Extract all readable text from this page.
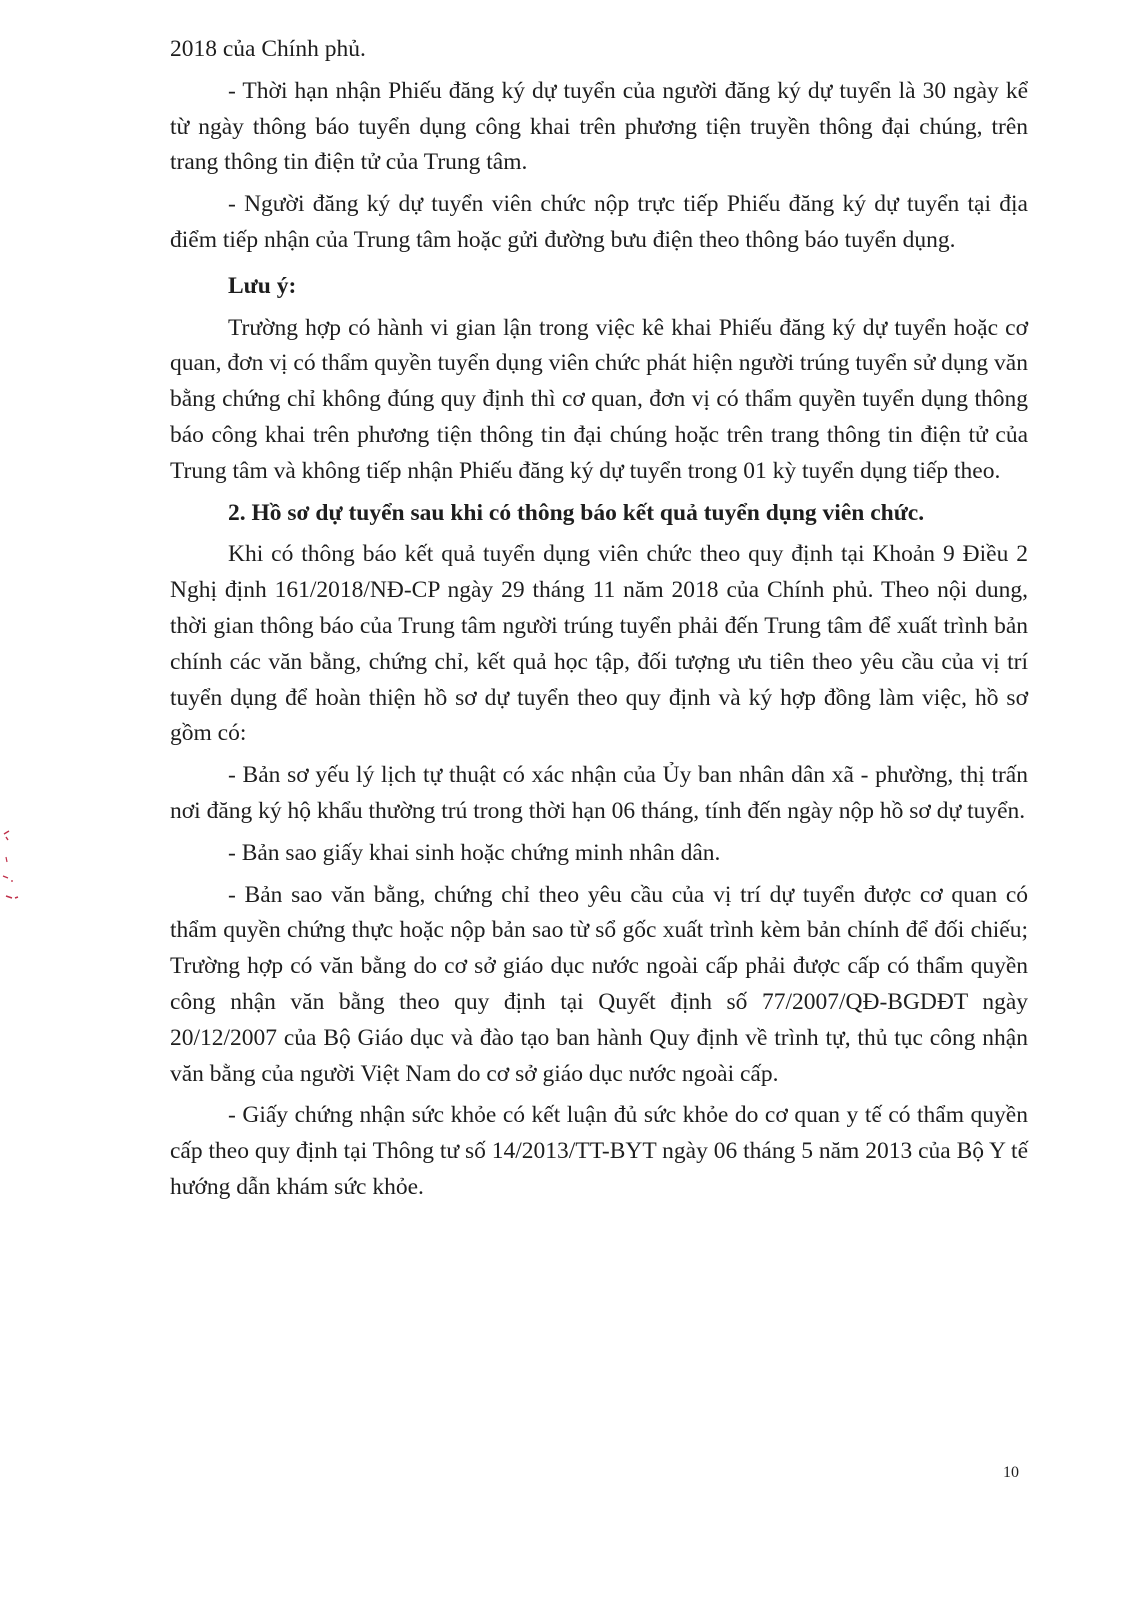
2018 của Chính phủ.

- Thời hạn nhận Phiếu đăng ký dự tuyển của người đăng ký dự tuyển là 30 ngày kể từ ngày thông báo tuyển dụng công khai trên phương tiện truyền thông đại chúng, trên trang thông tin điện tử của Trung tâm.

- Người đăng ký dự tuyển viên chức nộp trực tiếp Phiếu đăng ký dự tuyển tại địa điểm tiếp nhận của Trung tâm hoặc gửi đường bưu điện theo thông báo tuyển dụng.

Lưu ý:

Trường hợp có hành vi gian lận trong việc kê khai Phiếu đăng ký dự tuyển hoặc cơ quan, đơn vị có thẩm quyền tuyển dụng viên chức phát hiện người trúng tuyển sử dụng văn bằng chứng chỉ không đúng quy định thì cơ quan, đơn vị có thẩm quyền tuyển dụng thông báo công khai trên phương tiện thông tin đại chúng hoặc trên trang thông tin điện tử của Trung tâm và không tiếp nhận Phiếu đăng ký dự tuyển trong 01 kỳ tuyển dụng tiếp theo.

2. Hồ sơ dự tuyển sau khi có thông báo kết quả tuyển dụng viên chức.

Khi có thông báo kết quả tuyển dụng viên chức theo quy định tại Khoản 9 Điều 2 Nghị định 161/2018/NĐ-CP ngày 29 tháng 11 năm 2018 của Chính phủ. Theo nội dung, thời gian thông báo của Trung tâm người trúng tuyển phải đến Trung tâm để xuất trình bản chính các văn bằng, chứng chỉ, kết quả học tập, đối tượng ưu tiên theo yêu cầu của vị trí tuyển dụng để hoàn thiện hồ sơ dự tuyển theo quy định và ký hợp đồng làm việc, hồ sơ gồm có:

- Bản sơ yếu lý lịch tự thuật có xác nhận của Ủy ban nhân dân xã - phường, thị trấn nơi đăng ký hộ khẩu thường trú trong thời hạn 06 tháng, tính đến ngày nộp hồ sơ dự tuyển.

- Bản sao giấy khai sinh hoặc chứng minh nhân dân.

- Bản sao văn bằng, chứng chỉ theo yêu cầu của vị trí dự tuyển được cơ quan có thẩm quyền chứng thực hoặc nộp bản sao từ sổ gốc xuất trình kèm bản chính để đối chiếu; Trường hợp có văn bằng do cơ sở giáo dục nước ngoài cấp phải được cấp có thẩm quyền công nhận văn bằng theo quy định tại Quyết định số 77/2007/QĐ-BGDĐT ngày 20/12/2007 của Bộ Giáo dục và đào tạo ban hành Quy định về trình tự, thủ tục công nhận văn bằng của người Việt Nam do cơ sở giáo dục nước ngoài cấp.

- Giấy chứng nhận sức khỏe có kết luận đủ sức khỏe do cơ quan y tế có thẩm quyền cấp theo quy định tại Thông tư số 14/2013/TT-BYT ngày 06 tháng 5 năm 2013 của Bộ Y tế hướng dẫn khám sức khỏe.

10
